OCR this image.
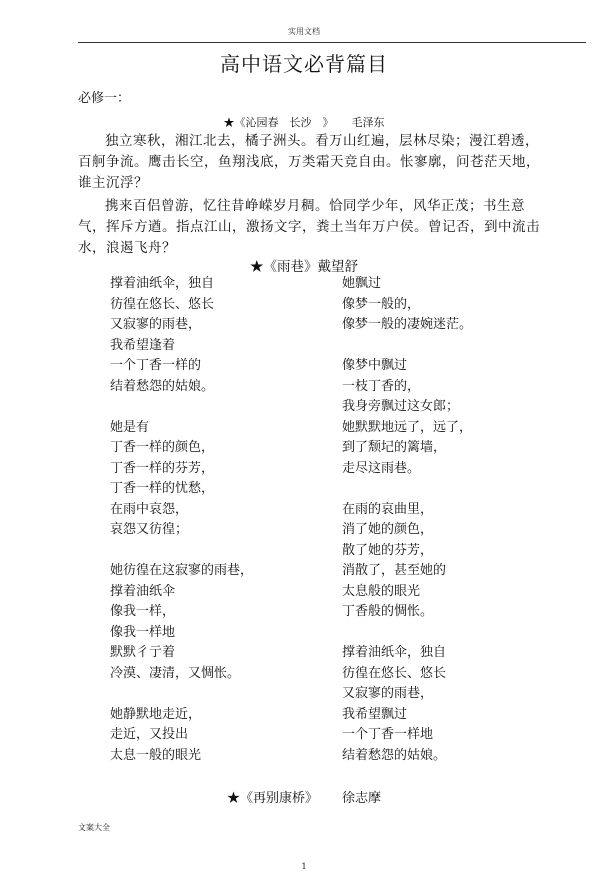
实用文档
高中语文必背篇目
必修一：
★《沁园春　长沙　》 毛泽东
独立寒秋，湘江北去，橘子洲头。看万山红遍，层林尽染；漫江碧透，百舸争流。鹰击长空，鱼翔浅底，万类霜天竞自由。怅寥廓，问苍茫天地，谁主沉浮？
携来百侣曾游，忆往昔峥嵘岁月稠。恰同学少年，风华正茂；书生意气，挥斥方遒。指点江山，激扬文字，粪土当年万户侯。曾记否，到中流击水，浪遏飞舟？
★《雨巷》戴望舒
撑着油纸伞，独自
彷徨在悠长、悠长
又寂寥的雨巷，
我希望逢着
一个丁香一样的
结着愁怨的姑娘。
她是有
丁香一样的颜色，
丁香一样的芬芳，
丁香一样的忧愁，
在雨中哀怨，
哀怨又彷徨；
她彷徨在这寂寥的雨巷，
撑着油纸伞
像我一样，
像我一样地
默默彳亍着
冷漠、凄清，又惆怅。
她静默地走近，
走近，又投出
太息一般的眼光
她飘过
像梦一般的，
像梦一般的凄婉迷茫。
像梦中飘过
一枝丁香的，
我身旁飘过这女郎；
她默默地远了，远了，
到了颓圮的篱墙，
走尽这雨巷。
在雨的哀曲里，
消了她的颜色，
散了她的芬芳，
消散了，甚至她的
太息般的眼光
丁香般的惆怅。
撑着油纸伞，独自
彷徨在悠长、悠长
又寂寥的雨巷，
我希望飘过
一个丁香一样地
结着愁怨的姑娘。
★《再别康桥》 徐志摩
文案大全
1
